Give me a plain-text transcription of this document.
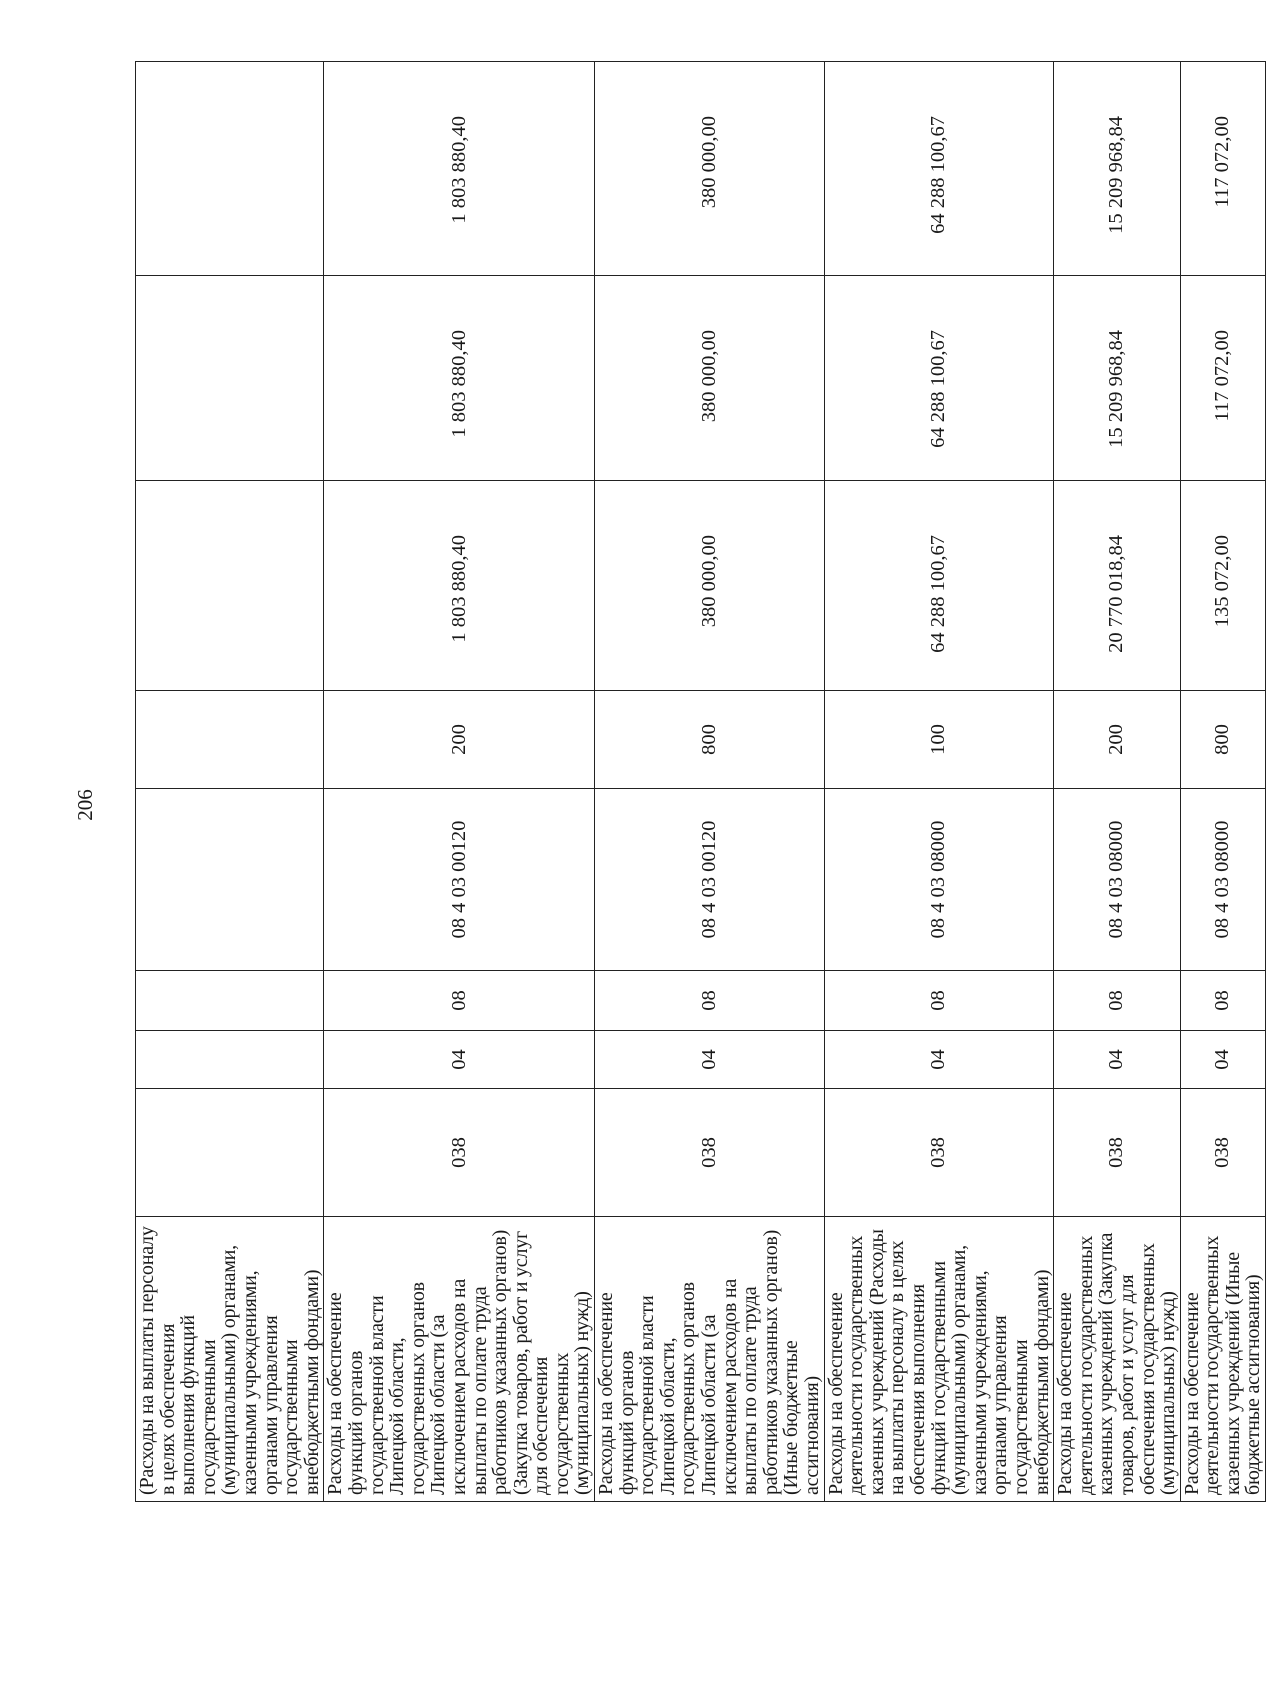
206
(Расходы на выплаты персоналу в целях обеспечения выполнения функций государственными (муниципальными) органами, казенными учреждениями, органами управления государственными внебюджетными фондами)								
Расходы на обеспечение функций органов государственной власти Липецкой области, государственных органов Липецкой области (за исключением расходов на выплаты по оплате труда работников указанных органов) (Закупка товаров, работ и услуг для обеспечения государственных (муниципальных) нужд)	038	04	08	08 4 03 00120	200	1 803 880,40	1 803 880,40	1 803 880,40
Расходы на обеспечение функций органов государственной власти Липецкой области, государственных органов Липецкой области (за исключением расходов на выплаты по оплате труда работников указанных органов) (Иные бюджетные ассигнования)	038	04	08	08 4 03 00120	800	380 000,00	380 000,00	380 000,00
Расходы на обеспечение деятельности государственных казенных учреждений (Расходы на выплаты персоналу в целях обеспечения выполнения функций государственными (муниципальными) органами, казенными учреждениями, органами управления государственными внебюджетными фондами)	038	04	08	08 4 03 08000	100	64 288 100,67	64 288 100,67	64 288 100,67
Расходы на обеспечение деятельности государственных казенных учреждений (Закупка товаров, работ и услуг для обеспечения государственных (муниципальных) нужд)	038	04	08	08 4 03 08000	200	20 770 018,84	15 209 968,84	15 209 968,84
Расходы на обеспечение деятельности государственных казенных учреждений (Иные бюджетные ассигнования)	038	04	08	08 4 03 08000	800	135 072,00	117 072,00	117 072,00
